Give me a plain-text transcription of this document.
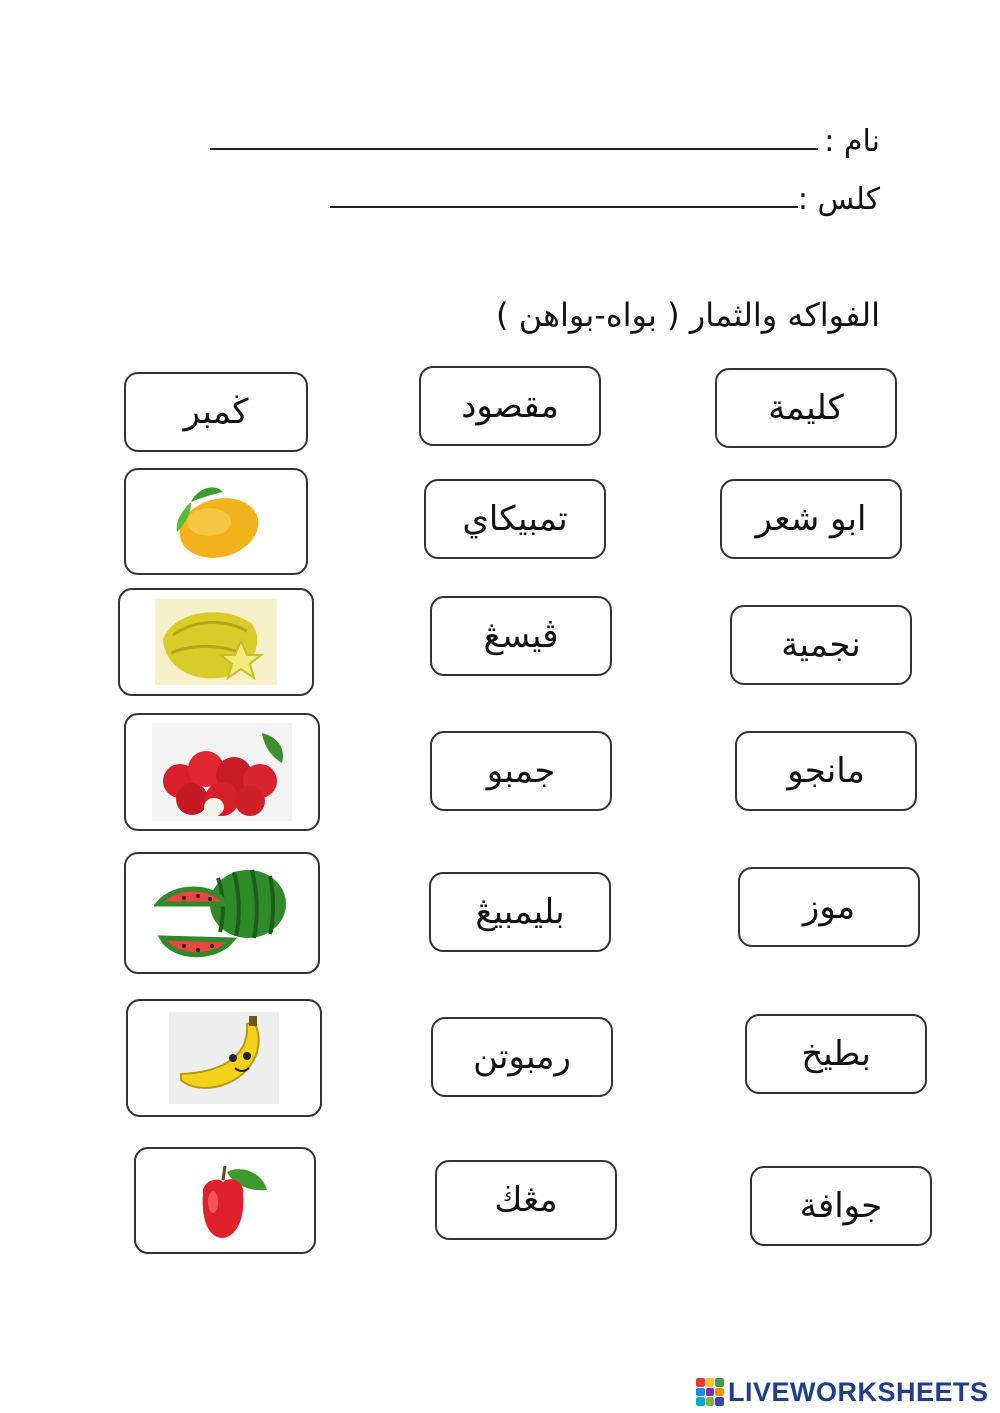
نام :
كلس :
الفواكه والثمار ( بواه-بواهن )
ڬمبر	مقصود
تمبيكاي
ڤيسڠ
جمبو
بليمبيڠ
رمبوتن
مڠڬ
كليمة
ابو شعر
نجمية
مانجو
موز
بطيخ
جوافة
LIVEWORKSHEETS
